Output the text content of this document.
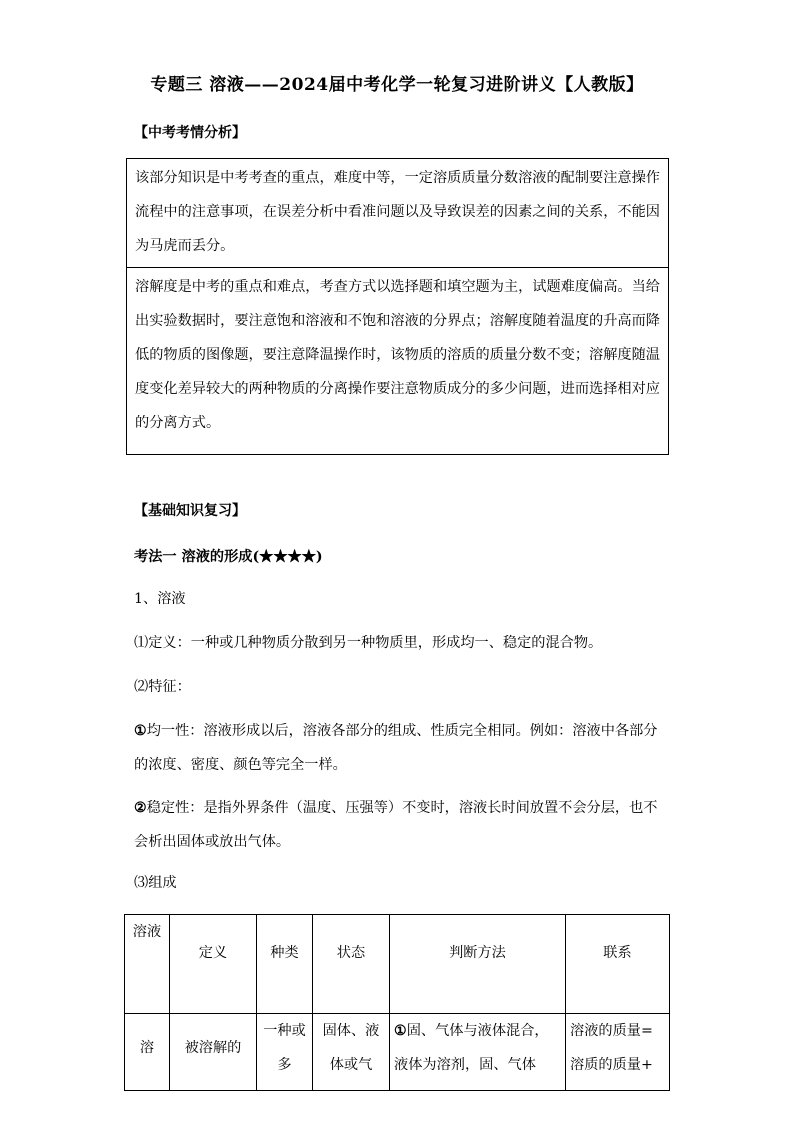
专题三 溶液——2024届中考化学一轮复习进阶讲义【人教版】
【中考考情分析】
该部分知识是中考考查的重点，难度中等，一定溶质质量分数溶液的配制要注意操作流程中的注意事项，在误差分析中看准问题以及导致误差的因素之间的关系，不能因为马虎而丢分。
溶解度是中考的重点和难点，考查方式以选择题和填空题为主，试题难度偏高。当给出实验数据时，要注意饱和溶液和不饱和溶液的分界点；溶解度随着温度的升高而降低的物质的图像题，要注意降温操作时，该物质的溶质的质量分数不变；溶解度随温度变化差异较大的两种物质的分离操作要注意物质成分的多少问题，进而选择相对应的分离方式。
【基础知识复习】
考法一 溶液的形成(★★★★)
1、溶液
⑴定义：一种或几种物质分散到另一种物质里，形成均一、稳定的混合物。
⑵特征：
①均一性：溶液形成以后，溶液各部分的组成、性质完全相同。例如：溶液中各部分的浓度、密度、颜色等完全一样。
②稳定性：是指外界条件（温度、压强等）不变时，溶液长时间放置不会分层，也不会析出固体或放出气体。
⑶组成
溶液	定义	种类	状态	判断方法	联系
溶	被溶解的	一种或多	固体、液体或气	①固、气体与液体混合，液体为溶剂，固、气体	溶液的质量=溶质的质量+
